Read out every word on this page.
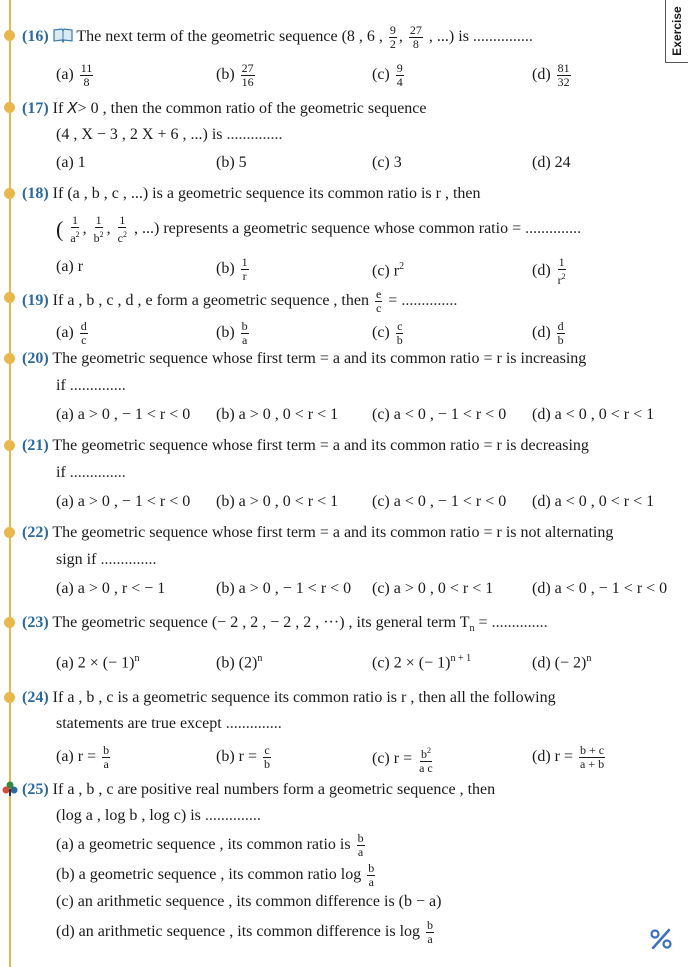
Exercise
(16) The next term of the geometric sequence (8 , 6 , $\frac{9}{2}$ , $\frac{27}{8}$ , ...) is ...............
$(a) \frac{11}{8}$	$(b) \frac{27}{16}$	$(c) \frac{9}{4}$	$(d) \frac{81}{32}$
(17) If X> 0 , then the common ratio of the geometric sequence
(4 , X − 3 , 2 X + 6 , ...) is ..............
(a) 1	(b) 5	(c) 3	(d) 24
(18) If (a , b , c , ...) is a geometric sequence its common ratio is r , then
( $\frac{1}{a^2}$ , $\frac{1}{b^2}$ , $\frac{1}{c^2}$ , ...) represents a geometric sequence whose common ratio = ..............
(a) r	$(b) \frac{1}{r}$	(c) $r^2$	$(d) \frac{1}{r^2}$
(19) If a , b , c , d , e form a geometric sequence , then $\frac{e}{c}$ = ..............
$(a) \frac{d}{c}$	$(b) \frac{b}{a}$	$(c) \frac{c}{b}$	$(d) \frac{d}{b}$
(20) The geometric sequence whose first term = a and its common ratio = r is increasing
if ..............
(a) a > 0 , − 1 < r < 0 (b) a > 0 , 0 < r < 1 (c) a < 0 , − 1 < r < 0 (d) a < 0 , 0 < r < 1
(21) The geometric sequence whose first term = a and its common ratio = r is decreasing
if ..............
(a) a > 0 , − 1 < r < 0 (b) a > 0 , 0 < r < 1 (c) a < 0 , − 1 < r < 0 (d) a < 0 , 0 < r < 1
(22) The geometric sequence whose first term = a and its common ratio = r is not alternating
sign if ..............
(a) a > 0 , r < − 1	(b) a > 0 , − 1 < r < 0 (c) a > 0 , 0 < r < 1 (d) a < 0 , − 1 < r < 0
(23) The geometric sequence (− 2 , 2 , − 2 , 2 , ···) , its general term $T_n$ = ..............
(a) 2 × (− 1)$^n$	(b) $(2)^n$	(c) 2 × (− 1)$^{n + 1}$	(d) (− 2)$^n$
(24) If a , b , c is a geometric sequence its common ratio is r , then all the following
statements are true except ..............
(a) $r = \frac{b}{a}$	(b) $r = \frac{c}{b}$	(c) $r = \frac{b^2}{\text{a c}}$	(d) $r = \frac{b + c}{a + b}$
(25) If a , b , c are positive real numbers form a geometric sequence , then
(log a , log b , log c) is ..............
(a) a geometric sequence , its common ratio is $\frac{b}{a}$
(b) a geometric sequence , its common ratio $\log \frac{b}{a}$
(c) an arithmetic sequence , its common difference is (b − a)
(d) an arithmetic sequence , its common difference is $\log \frac{b}{a}$
